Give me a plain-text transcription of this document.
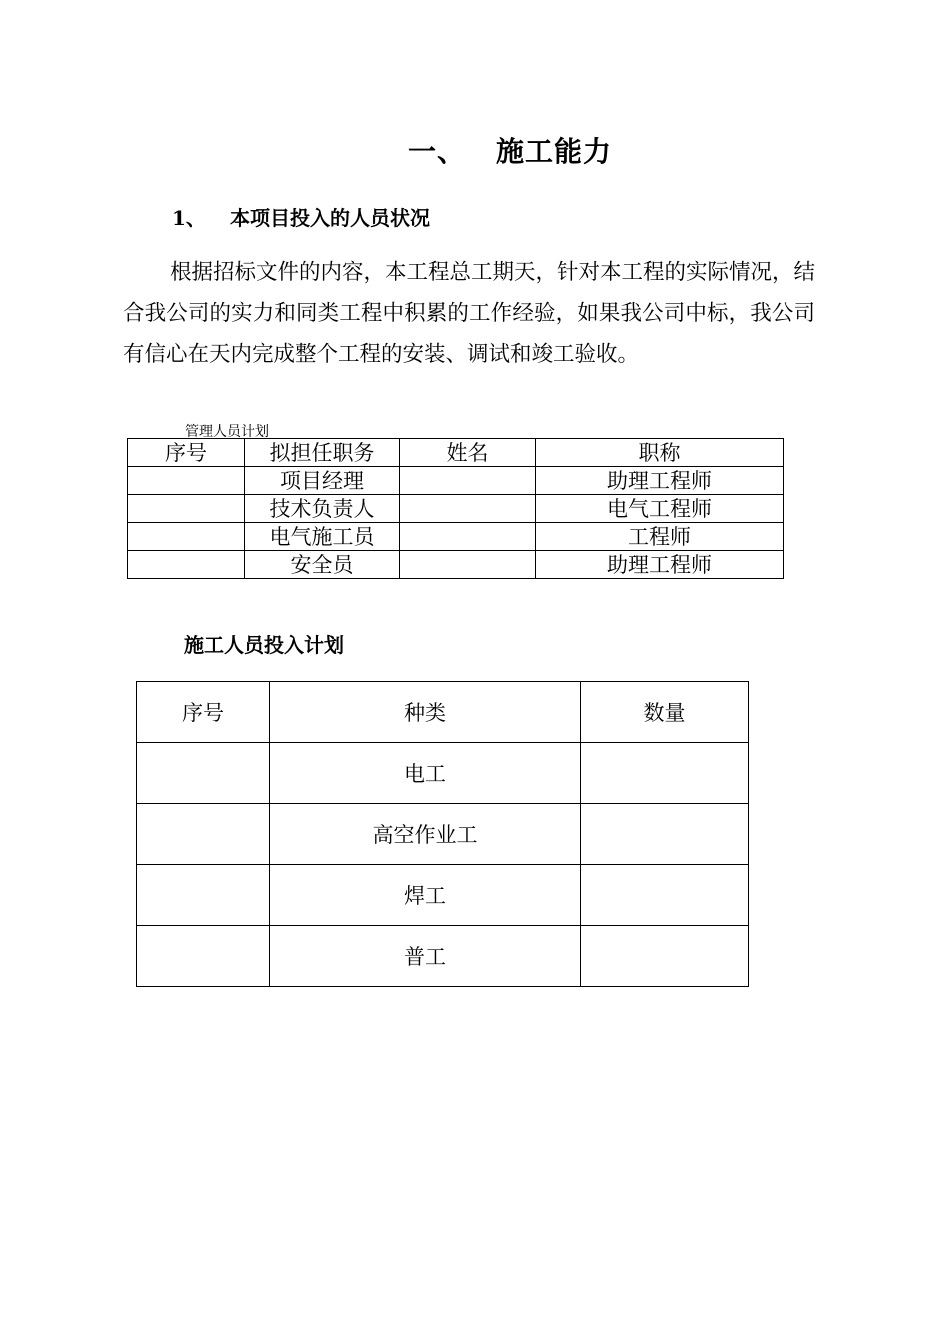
一、 施工能力
1、 本项目投入的人员状况
根据招标文件的内容，本工程总工期天，针对本工程的实际情况，结合我公司的实力和同类工程中积累的工作经验，如果我公司中标，我公司有信心在天内完成整个工程的安装、调试和竣工验收。
管理人员计划
序号	拟担任职务	姓名	职称
	项目经理		助理工程师
	技术负责人		电气工程师
	电气施工员		工程师
	安全员		助理工程师
施工人员投入计划
序号	种类	数量
	电工	
	高空作业工	
	焊工	
	普工	
